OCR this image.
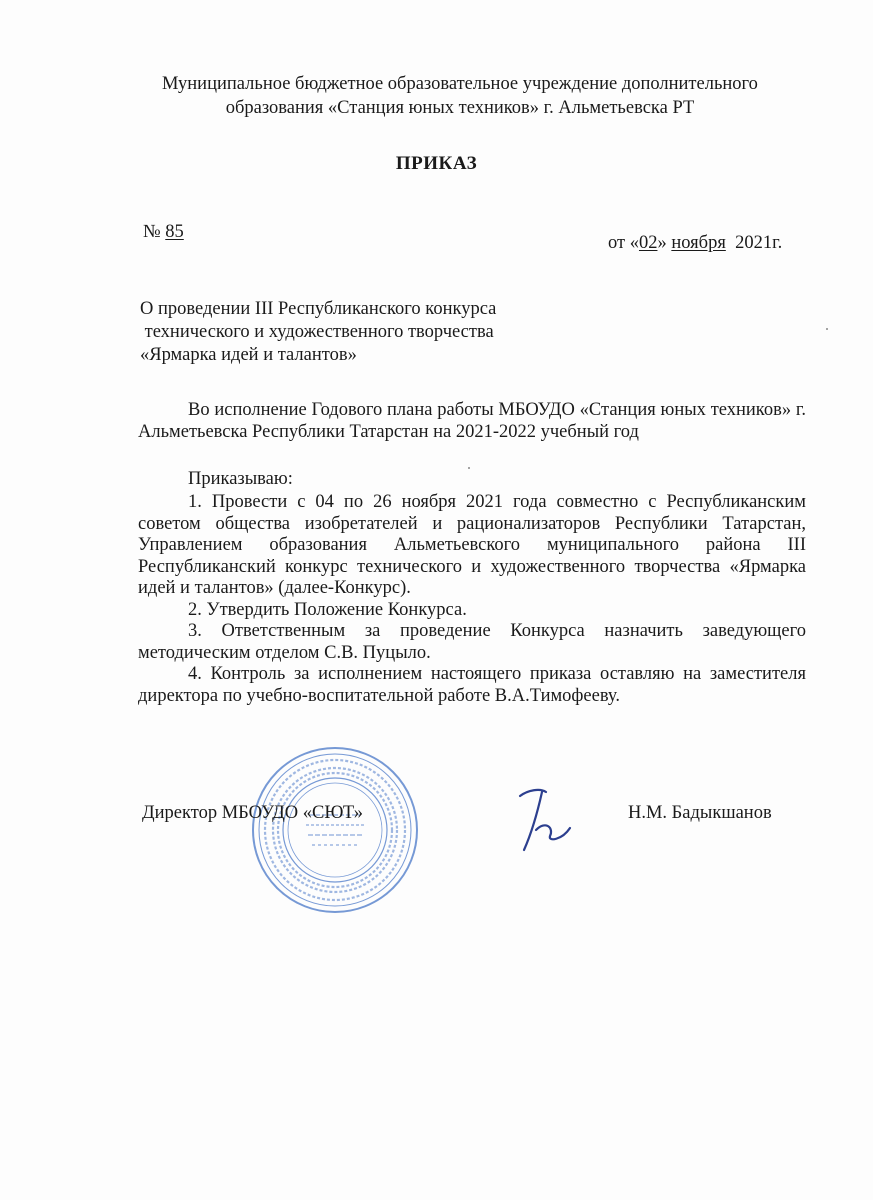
Муниципальное бюджетное образовательное учреждение дополнительного
образования «Станция юных техников» г. Альметьевска РТ
ПРИКАЗ
№ 85
от «02» ноября  2021г.
О проведении III Республиканского конкурса
технического и художественного творчества
«Ярмарка идей и талантов»
Во исполнение Годового плана работы МБОУДО «Станция юных техников» г. Альметьевска Республики Татарстан на 2021-2022 учебный год
Приказываю:

1. Провести с 04 по 26 ноября 2021 года совместно с Республиканским советом общества изобретателей и рационализаторов Республики Татарстан, Управлением образования Альметьевского муниципального района III Республиканский конкурс технического и художественного творчества «Ярмарка идей и талантов» (далее-Конкурс).

2. Утвердить Положение Конкурса.

3. Ответственным за проведение Конкурса назначить заведующего методическим отделом С.В. Пуцыло.

4. Контроль за исполнением настоящего приказа оставляю на заместителя директора по учебно-воспитательной работе В.А.Тимофееву.

Директор МБОУДО «СЮТ»	Н.М. Бадыкшанов
